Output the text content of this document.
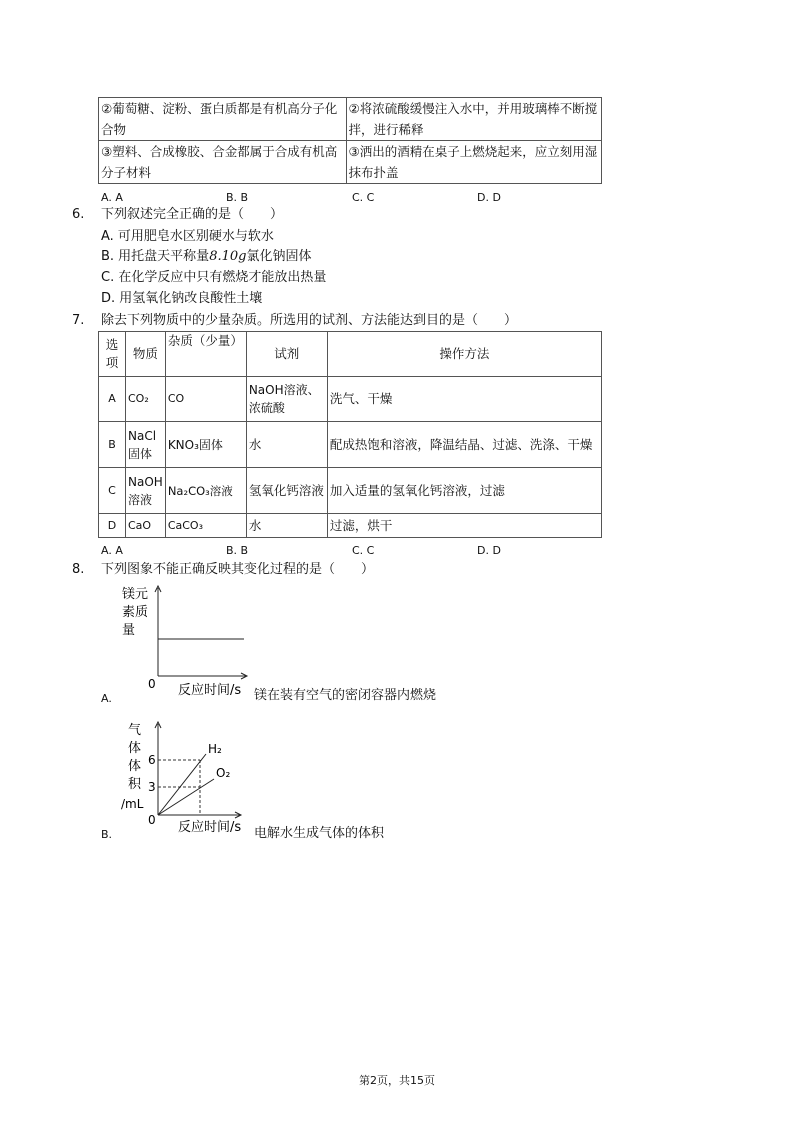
②葡萄糖、淀粉、蛋白质都是有机高分子化合物	②将浓硫酸缓慢注入水中，并用玻璃棒不断搅拌，进行稀释
③塑料、合成橡胶、合金都属于合成有机高分子材料	③洒出的酒精在桌子上燃烧起来，应立刻用湿抹布扑盖
A. A	B. B	C. C	D. D
6. 下列叙述完全正确的是（　　）
A. 可用肥皂水区别硬水与软水
B. 用托盘天平称量8.10g氯化钠固体
C. 在化学反应中只有燃烧才能放出热量
D. 用氢氧化钠改良酸性土壤
7. 除去下列物质中的少量杂质。所选用的试剂、方法能达到目的是（　　）
选项	物质	杂质（少量）	试剂	操作方法
A	CO₂	CO	NaOH溶液、浓硫酸	洗气、干燥
B	NaCl固体	KNO₃固体	水	配成热饱和溶液，降温结晶、过滤、洗涤、干燥
C	NaOH溶液	Na₂CO₃溶液	氢氧化钙溶液	加入适量的氢氧化钙溶液，过滤
D	CaO	CaCO₃	水	过滤，烘干
A. A	B. B	C. C	D. D
8. 下列图象不能正确反映其变化过程的是（　　）
A.
镁元
素质
量
0 反应时间/s 镁在装有空气的密闭容器内燃烧
B.
H₂
O₂
6
3
0
气
体
体
积
/mL
反应时间/s 电解水生成气体的体积
第2页，共15页
